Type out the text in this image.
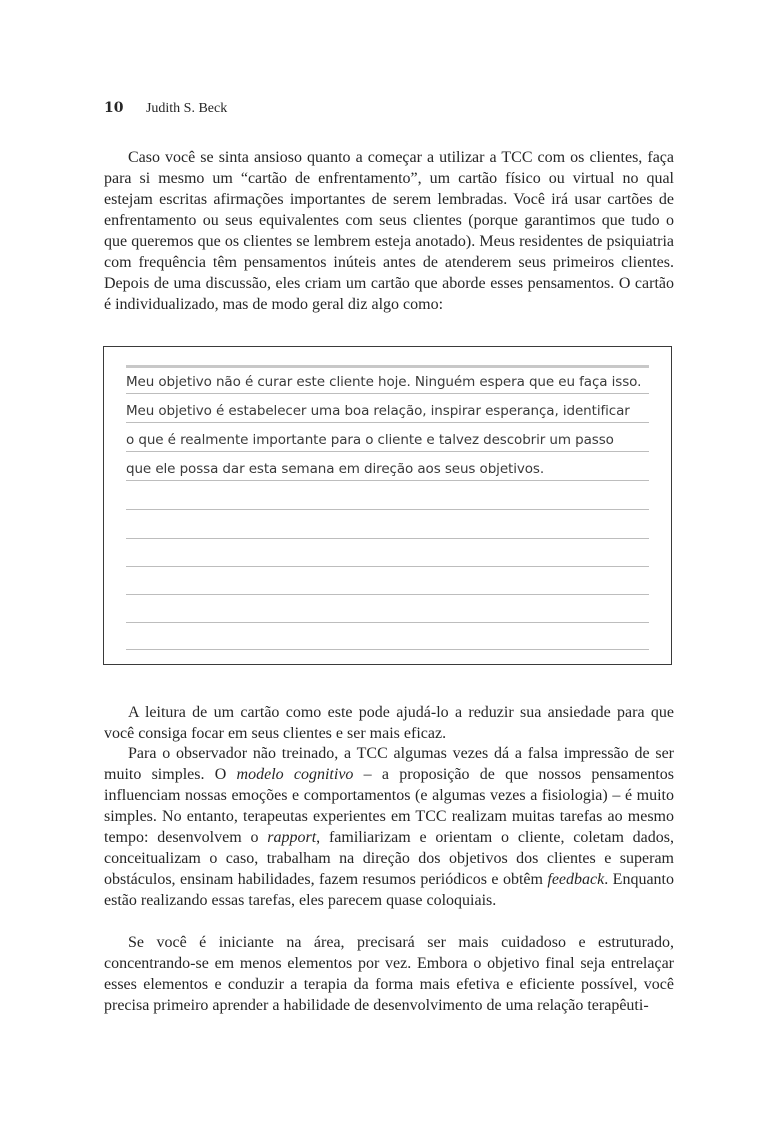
10 Judith S. Beck

Caso você se sinta ansioso quanto a começar a utilizar a TCC com os clientes, faça para si mesmo um “cartão de enfrentamento”, um cartão físico ou virtual no qual estejam escritas afirmações importantes de serem lembradas. Você irá usar cartões de enfrentamento ou seus equivalentes com seus clientes (porque garantimos que tudo o que queremos que os clientes se lembrem esteja anotado). Meus residentes de psiquiatria com frequência têm pensamentos inúteis antes de atenderem seus primeiros clientes. Depois de uma discussão, eles criam um cartão que aborde esses pensamentos. O cartão é individualizado, mas de modo geral diz algo como:

Meu objetivo não é curar este cliente hoje. Ninguém espera que eu faça isso.
Meu objetivo é estabelecer uma boa relação, inspirar esperança, identificar
o que é realmente importante para o cliente e talvez descobrir um passo
que ele possa dar esta semana em direção aos seus objetivos.

A leitura de um cartão como este pode ajudá-lo a reduzir sua ansiedade para que você consiga focar em seus clientes e ser mais eficaz.

Para o observador não treinado, a TCC algumas vezes dá a falsa impressão de ser muito simples. O modelo cognitivo – a proposição de que nossos pensamentos influenciam nossas emoções e comportamentos (e algumas vezes a fisiologia) – é muito simples. No entanto, terapeutas experientes em TCC realizam muitas tarefas ao mesmo tempo: desenvolvem o rapport, familiarizam e orientam o cliente, coletam dados, conceitualizam o caso, trabalham na direção dos objetivos dos clientes e superam obstáculos, ensinam habilidades, fazem resumos periódicos e obtêm feedback. Enquanto estão realizando essas tarefas, eles parecem quase coloquiais.

Se você é iniciante na área, precisará ser mais cuidadoso e estruturado, concentrando-se em menos elementos por vez. Embora o objetivo final seja entrelaçar esses elementos e conduzir a terapia da forma mais efetiva e eficiente possível, você precisa primeiro aprender a habilidade de desenvolvimento de uma relação terapêuti-
